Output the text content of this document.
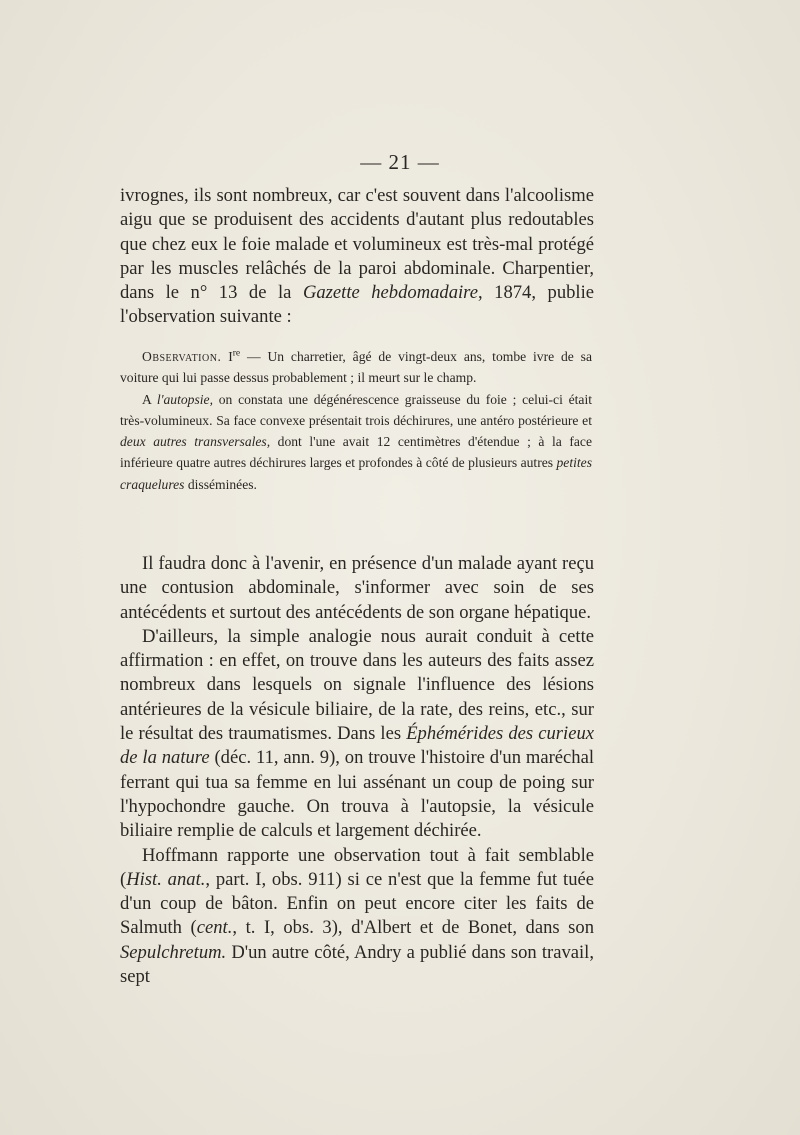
— 21 —

ivrognes, ils sont nombreux, car c'est souvent dans l'alcoolisme aigu que se produisent des accidents d'autant plus redoutables que chez eux le foie malade et volumineux est très-mal protégé par les muscles relâchés de la paroi abdominale. Charpentier, dans le n° 13 de la Gazette hebdomadaire, 1874, publie l'observation suivante :

Observation. Ire — Un charretier, âgé de vingt-deux ans, tombe ivre de sa voiture qui lui passe dessus probablement ; il meurt sur le champ.

A l'autopsie, on constata une dégénérescence graisseuse du foie ; celui-ci était très-volumineux. Sa face convexe présentait trois déchirures, une antéro postérieure et deux autres transversales, dont l'une avait 12 centimètres d'étendue ; à la face inférieure quatre autres déchirures larges et profondes à côté de plusieurs autres petites craquelures disséminées.

Il faudra donc à l'avenir, en présence d'un malade ayant reçu une contusion abdominale, s'informer avec soin de ses antécédents et surtout des antécédents de son organe hépatique.

D'ailleurs, la simple analogie nous aurait conduit à cette affirmation : en effet, on trouve dans les auteurs des faits assez nombreux dans lesquels on signale l'influence des lésions antérieures de la vésicule biliaire, de la rate, des reins, etc., sur le résultat des traumatismes. Dans les Éphémérides des curieux de la nature (déc. 11, ann. 9), on trouve l'histoire d'un maréchal ferrant qui tua sa femme en lui assénant un coup de poing sur l'hypochondre gauche. On trouva à l'autopsie, la vésicule biliaire remplie de calculs et largement déchirée.

Hoffmann rapporte une observation tout à fait semblable (Hist. anat., part. I, obs. 911) si ce n'est que la femme fut tuée d'un coup de bâton. Enfin on peut encore citer les faits de Salmuth (cent., t. I, obs. 3), d'Albert et de Bonet, dans son Sepulchretum. D'un autre côté, Andry a publié dans son travail, sept
